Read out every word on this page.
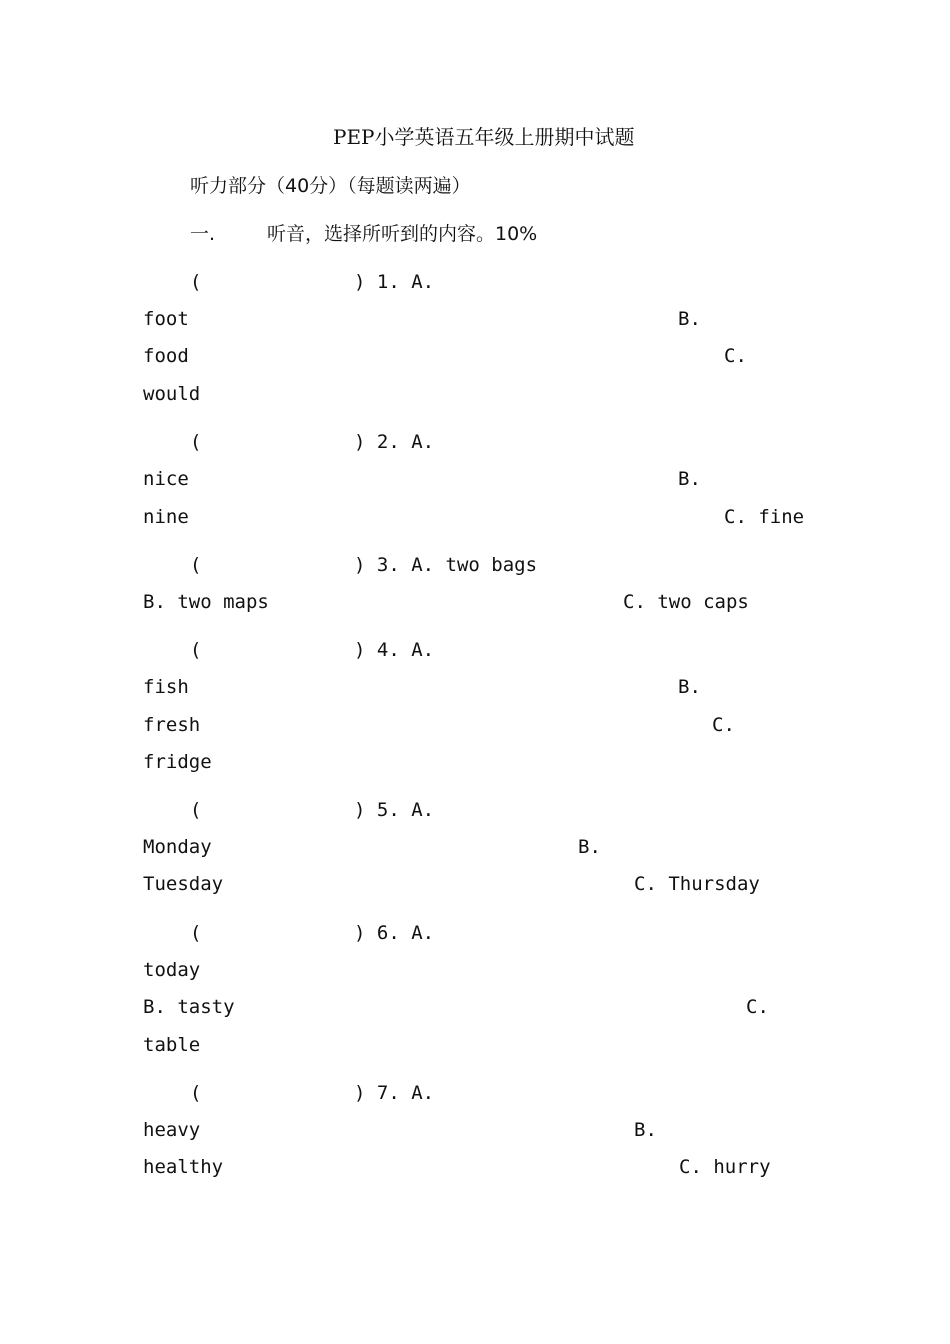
PEP小学英语五年级上册期中试题
听力部分（40分）（每题读两遍）
一.	听音，选择所听到的内容。10%
(	) 1. A.
foot	B.
food	C.
would
(	) 2. A.
nice	B.
nine	C. fine
(	) 3. A. two bags
B. two maps	C. two caps
(	) 4. A.
fish	B.
fresh	C.
fridge
(	) 5. A.
Monday	B.
Tuesday	C. Thursday
(	) 6. A.
today
B. tasty	C.
table
(	) 7. A.
heavy	B.
healthy	C. hurry
